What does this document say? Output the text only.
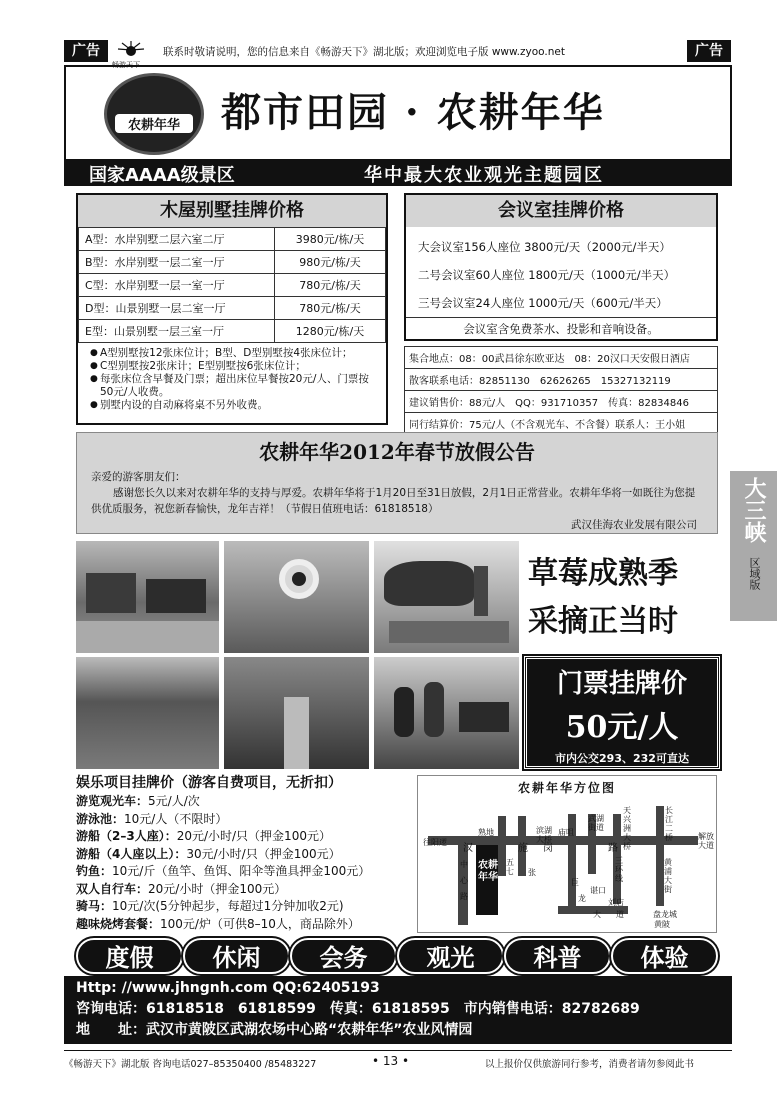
广告
畅游天下
联系时敬请说明，您的信息来自《畅游天下》湖北版；欢迎浏览电子版 www.zyoo.net	广告
农耕年华	都市田园 · 农耕年华
国家AAAA级景区	华中最大农业观光主题园区
木屋别墅挂牌价格
A型：水岸别墅二层六室二厅	3980元/栋/天
B型：水岸别墅一层二室一厅	980元/栋/天
C型：水岸别墅一层一室一厅	780元/栋/天
D型：山景别墅一层二室一厅	780元/栋/天
E型：山景别墅一层三室一厅	1280元/栋/天
● A型别墅按12张床位计；B型、D型别墅按4张床位计；
● C型别墅按2张床计；E型别墅按6张床位计；
● 每张床位含早餐及门票；超出床位早餐按20元/人、门票按50元/人收费。
● 别墅内设的自动麻将桌不另外收费。
会议室挂牌价格
大会议室156人座位 3800元/天（2000元/半天）
二号会议室60人座位 1800元/天（1000元/半天）
三号会议室24人座位 1000元/天（600元/半天）
会议室含免费茶水、投影和音响设备。
集合地点：08：00武昌徐东欧亚达　08：20汉口天安假日酒店
散客联系电话：82851130　62626265　15327132119
建议销售价：88元/人　QQ：931710357　传真：82834846
同行结算价：75元/人（不含观光车、不含餐）联系人：王小姐
农耕年华2012年春节放假公告
亲爱的游客朋友们：
感谢您长久以来对农耕年华的支持与厚爱。农耕年华将于1月20日至31日放假，2月1日正常营业。农耕年华将一如既往为您提供优质服务，祝您新春愉快，龙年吉祥！（节假日值班电话：61818518）
武汉佳海农业发展有限公司
草莓成熟季
采摘正当时
门票挂牌价
50元/人
市内公交293、232可直达
大三峡
区域版
娱乐项目挂牌价（游客自费项目，无折扣）
游览观光车：5元/人/次
游泳池：10元/人（不限时）
游船（2–3人座）：20元/小时/只（押金100元）
游船（4人座以上）：30元/小时/只（押金100元）
钓鱼：10元/斤（鱼竿、鱼饵、阳伞等渔具押金100元）
双人自行车：20元/小时（押金100元）
骑马：10元/次(5分钟起步，每超过1分钟加收2元)
趣味烧烤套餐：100元/炉（可供8–10人，商品除外）
农耕年华方位图
往阳逻
熟地	滨湖大桥
庙咀
武湖街道
天兴洲大桥
长江二桥	解放大道
汉	施 岗	路
三环线
黄浦大街
中
心
路
五七 张
巨
龙
大 道
谌口
刘店
盘龙城
黄陂
农耕年华
度假	休闲	会务	观光	科普	体验
Http: //www.jhngnh.com QQ:62405193
咨询电话：61818518　61818599　传真：61818595　市内销售电话：82782689
地　　址：武汉市黄陂区武湖农场中心路“农耕年华”农业风情园
《畅游天下》湖北版 咨询电话027–85350400 /85483227	• 13 •	以上报价仅供旅游同行参考，消费者请勿参阅此书
